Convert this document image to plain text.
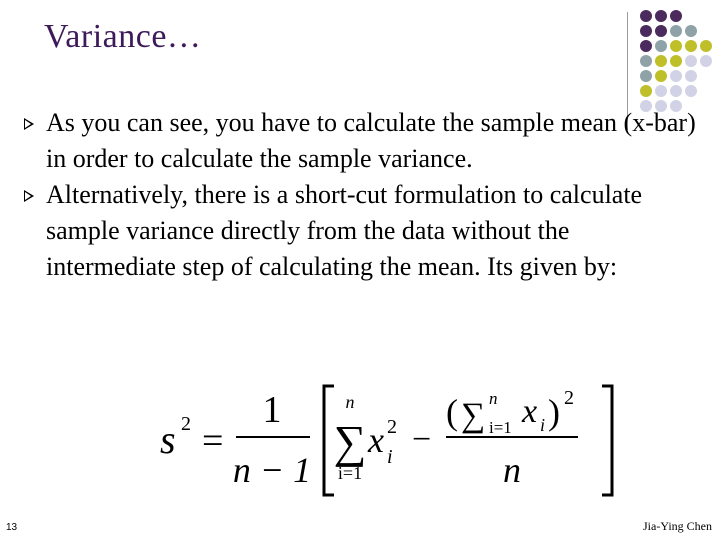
Variance…
As you can see, you have to calculate the sample mean (x-bar) in order to calculate the sample variance.
Alternatively, there is a short-cut formulation to calculate sample variance directly from the data without the intermediate step of calculating the mean. Its given by:
s 2 =
1
n − 1
n
∑
i=1
x 2
i −
( ∑ n
i=1 x i ) 2
n
13	Jia-Ying Chen
